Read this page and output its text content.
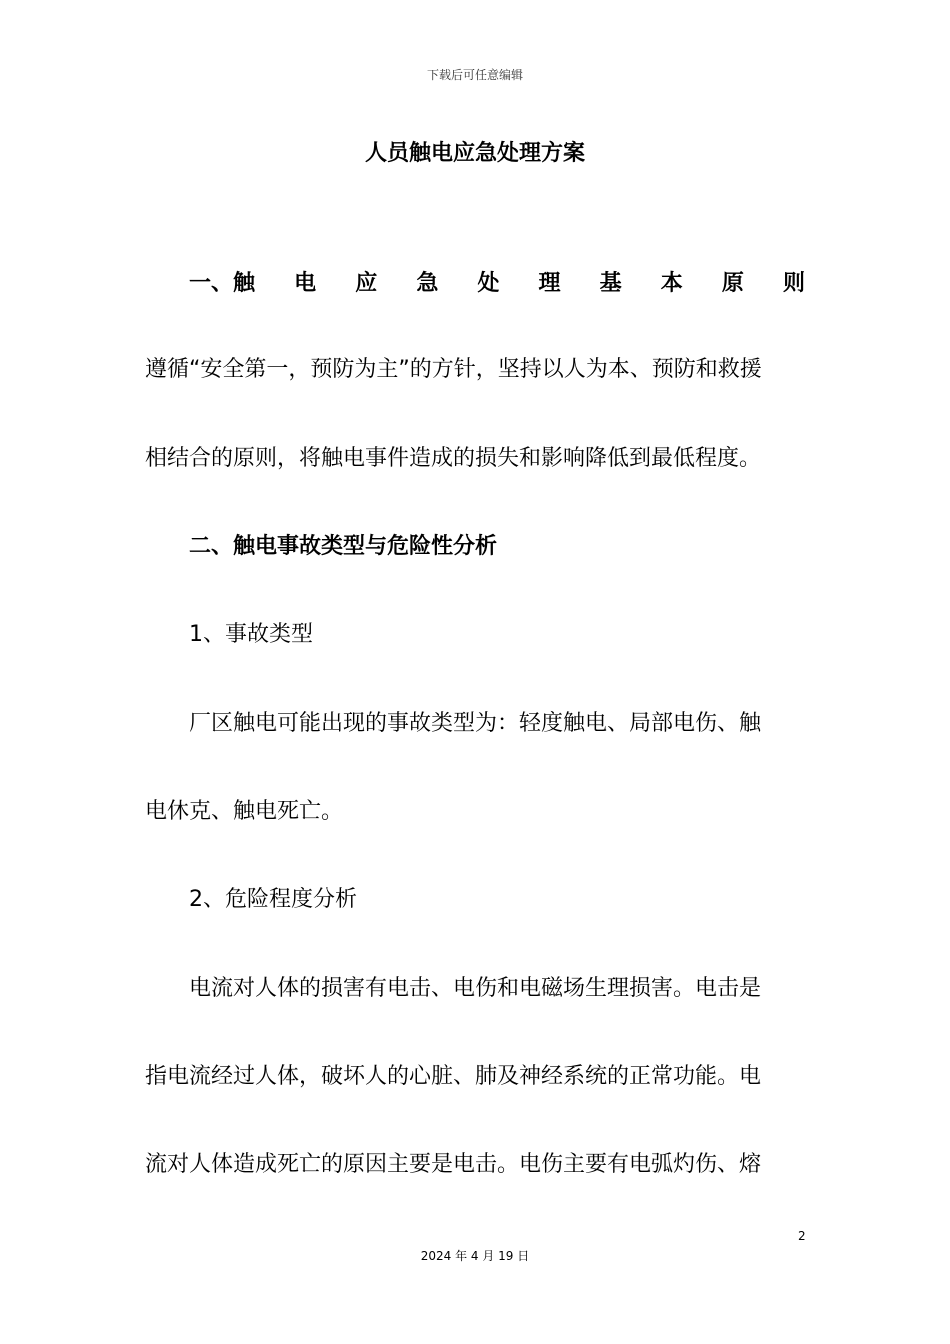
下载后可任意编辑
人员触电应急处理方案
一、触 电 应 急 处 理 基 本 原 则
遵循“安全第一，预防为主”的方针，坚持以人为本、预防和救援
相结合的原则，将触电事件造成的损失和影响降低到最低程度。
二、触电事故类型与危险性分析
1、事故类型
厂区触电可能出现的事故类型为：轻度触电、局部电伤、触
电休克、触电死亡。
2、危险程度分析
电流对人体的损害有电击、电伤和电磁场生理损害。电击是
指电流经过人体，破坏人的心脏、肺及神经系统的正常功能。电
流对人体造成死亡的原因主要是电击。电伤主要有电弧灼伤、熔
2
2024 年 4 月 19 日
